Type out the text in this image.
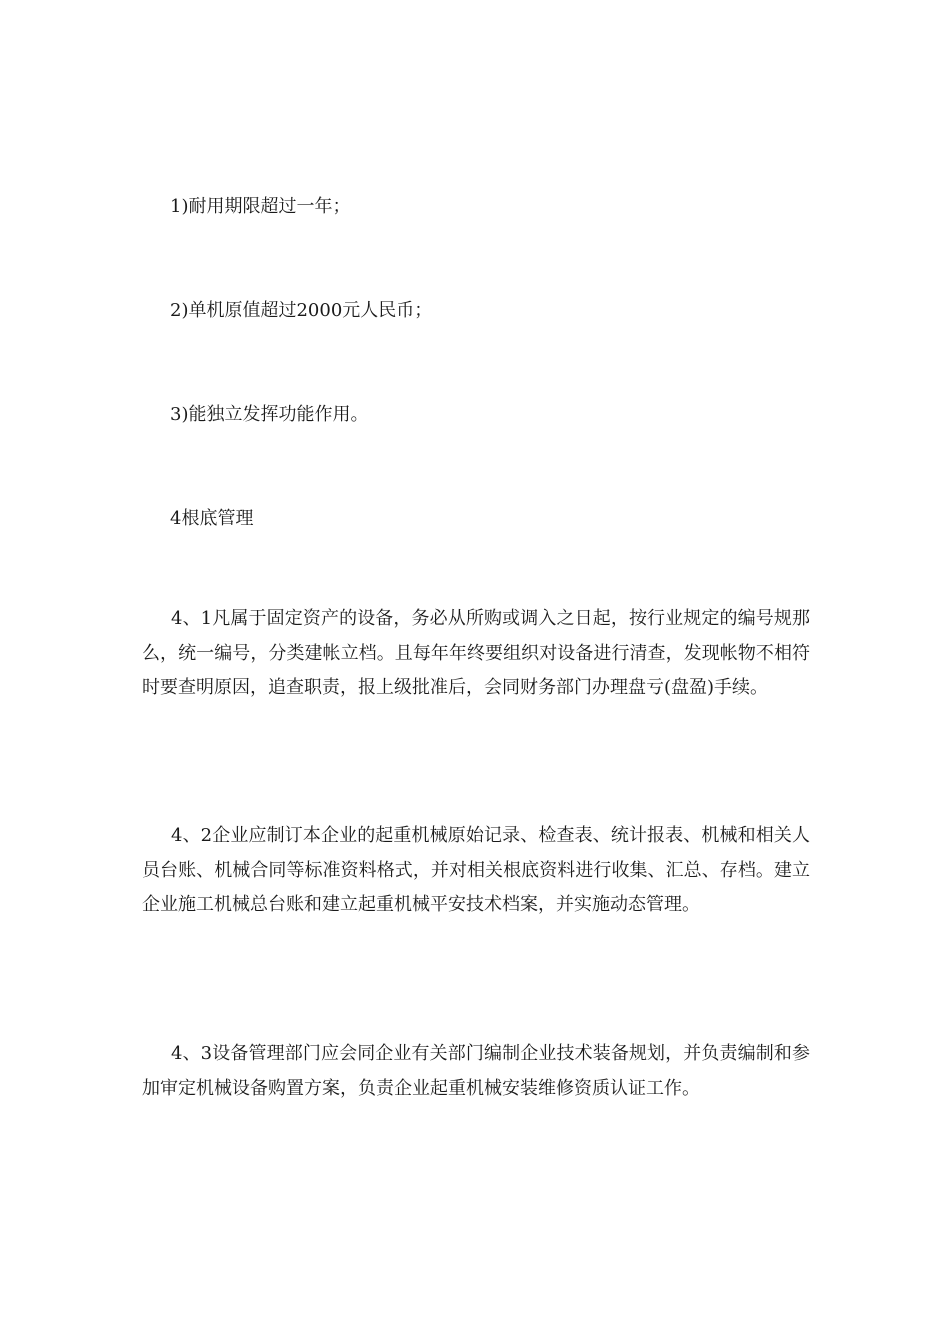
1)耐用期限超过一年；
2)单机原值超过2000元人民币；
3)能独立发挥功能作用。
4根底管理

4、1凡属于固定资产的设备，务必从所购或调入之日起，按行业规定的编号规那么，统一编号，分类建帐立档。且每年年终要组织对设备进行清查，发现帐物不相符时要查明原因，追查职责，报上级批准后，会同财务部门办理盘亏(盘盈)手续。

4、2企业应制订本企业的起重机械原始记录、检查表、统计报表、机械和相关人员台账、机械合同等标准资料格式，并对相关根底资料进行收集、汇总、存档。建立企业施工机械总台账和建立起重机械平安技术档案，并实施动态管理。

4、3设备管理部门应会同企业有关部门编制企业技术装备规划，并负责编制和参加审定机械设备购置方案，负责企业起重机械安装维修资质认证工作。
